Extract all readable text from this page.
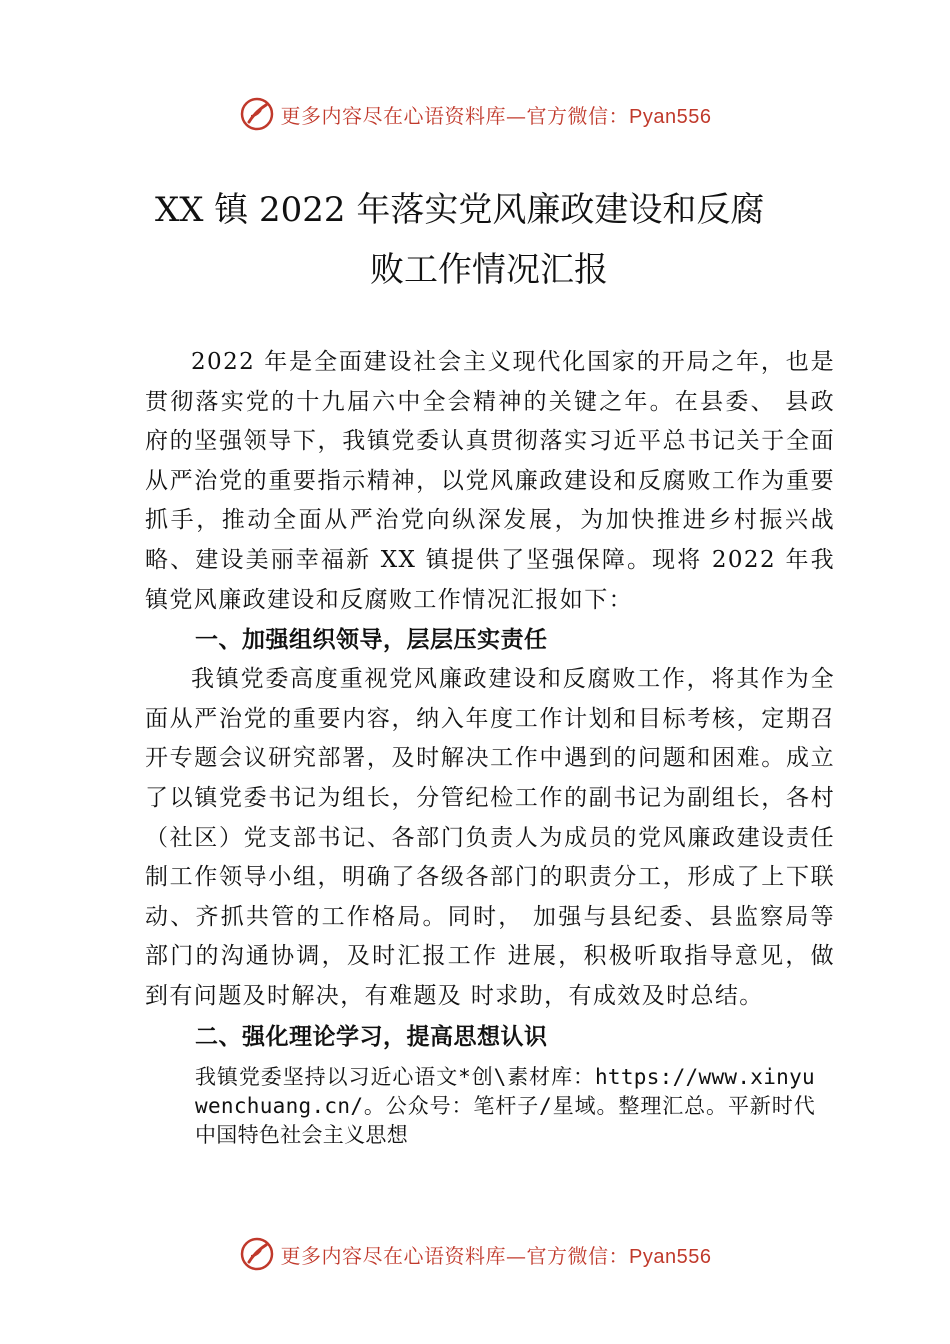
更多内容尽在心语资料库—官方微信：Pyan556
XX 镇 2022 年落实党风廉政建设和反腐
败工作情况汇报

2022 年是全面建设社会主义现代化国家的开局之年，也是贯彻落实党的十九届六中全会精神的关键之年。在县委、 县政府的坚强领导下，我镇党委认真贯彻落实习近平总书记关于全面从严治党的重要指示精神，以党风廉政建设和反腐败工作为重要抓手，推动全面从严治党向纵深发展，为加快推进乡村振兴战略、建设美丽幸福新 XX 镇提供了坚强保障。现将 2022 年我镇党风廉政建设和反腐败工作情况汇报如下：

一、加强组织领导，层层压实责任

我镇党委高度重视党风廉政建设和反腐败工作，将其作为全面从严治党的重要内容，纳入年度工作计划和目标考核，定期召开专题会议研究部署，及时解决工作中遇到的问题和困难。成立了以镇党委书记为组长，分管纪检工作的副书记为副组长，各村（社区）党支部书记、各部门负责人为成员的党风廉政建设责任制工作领导小组，明确了各级各部门的职责分工，形成了上下联动、齐抓共管的工作格局。同时， 加强与县纪委、县监察局等部门的沟通协调，及时汇报工作 进展，积极听取指导意见，做到有问题及时解决，有难题及 时求助，有成效及时总结。

二、强化理论学习，提高思想认识
我镇党委坚持以习近心语文*创\素材库：https://www.xinyuwenchuang.cn/。公众号：笔杆子/星域。整理汇总。平新时代中国特色社会主义思想
更多内容尽在心语资料库—官方微信：Pyan556
